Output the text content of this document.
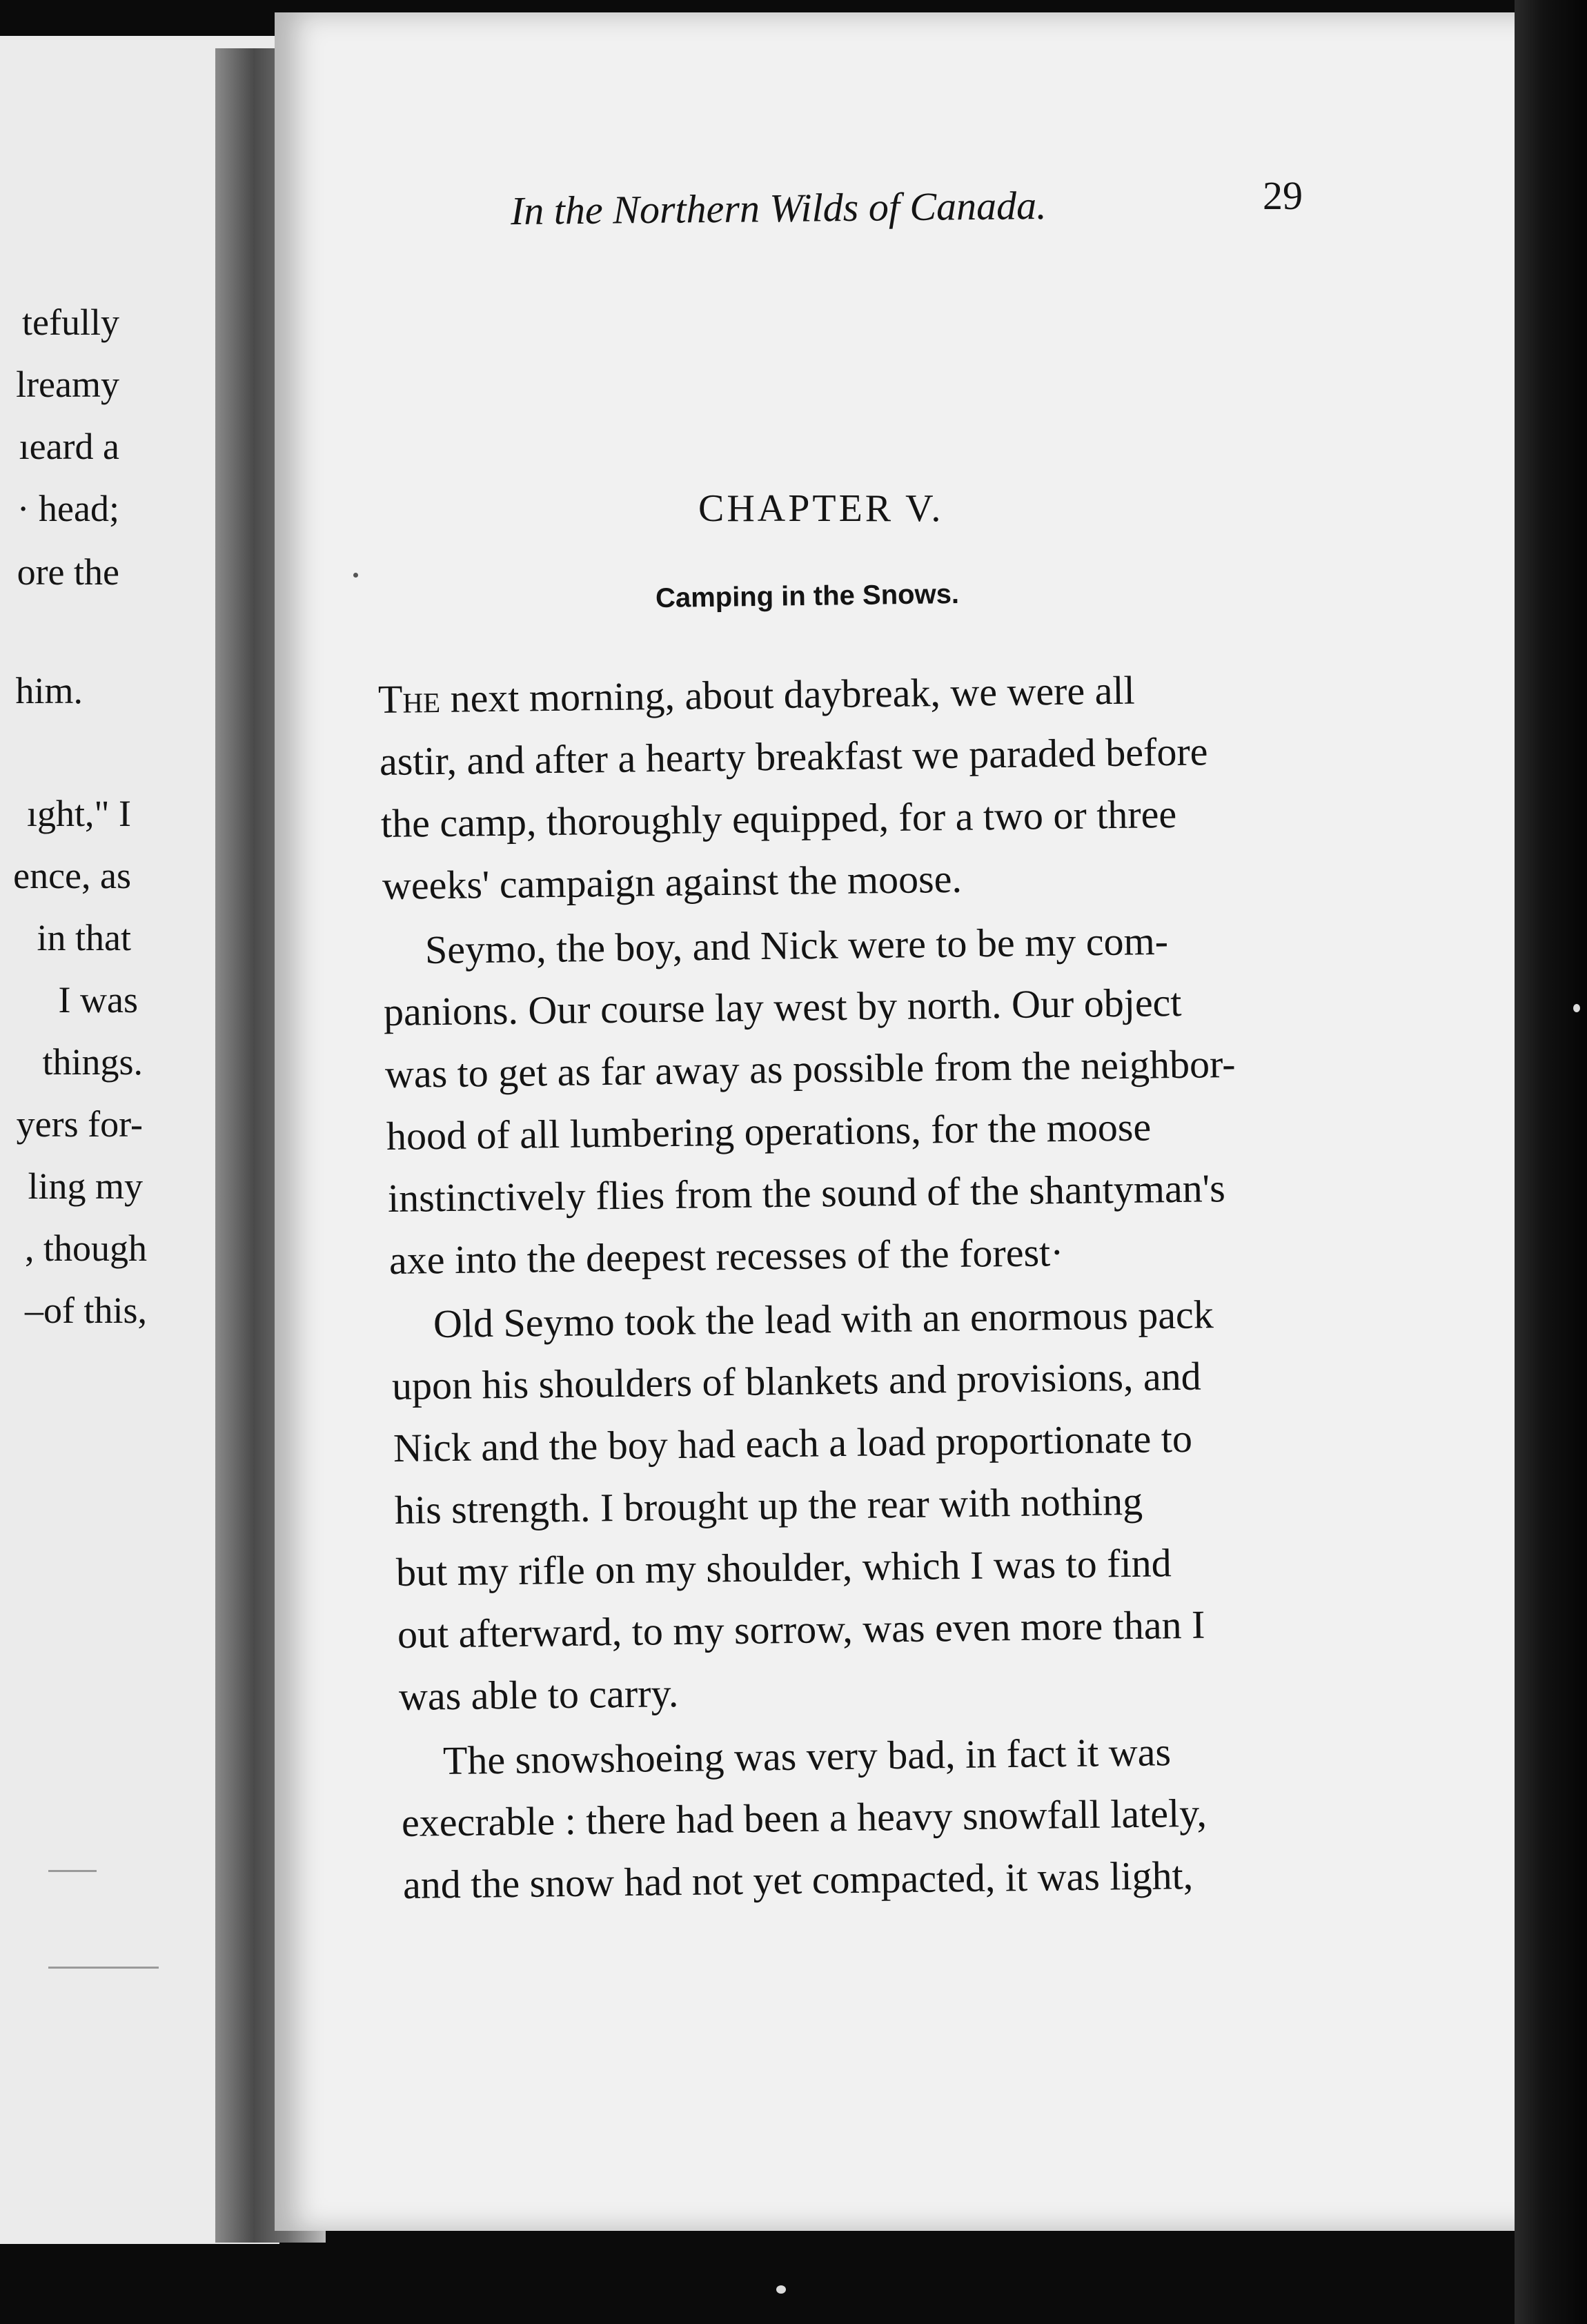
tefully
lreamy
ıeard a
· head;
ore the
him.
ıght," I
ence, as
in that
I was
things.
yers for-
ling my
, though
–of this,
In the Northern Wilds of Canada.	29
CHAPTER V.
Camping in the Snows.
The next morning, about daybreak, we were all
astir, and after a hearty breakfast we paraded before
the camp, thoroughly equipped, for a two or three
weeks' campaign against the moose.
Seymo, the boy, and Nick were to be my com-
panions. Our course lay west by north. Our object
was to get as far away as possible from the neighbor-
hood of all lumbering operations, for the moose
instinctively flies from the sound of the shantyman's
axe into the deepest recesses of the forest·
Old Seymo took the lead with an enormous pack
upon his shoulders of blankets and provisions, and
Nick and the boy had each a load proportionate to
his strength. I brought up the rear with nothing
but my rifle on my shoulder, which I was to find
out afterward, to my sorrow, was even more than I
was able to carry.
The snowshoeing was very bad, in fact it was
execrable : there had been a heavy snowfall lately,
and the snow had not yet compacted, it was light,
